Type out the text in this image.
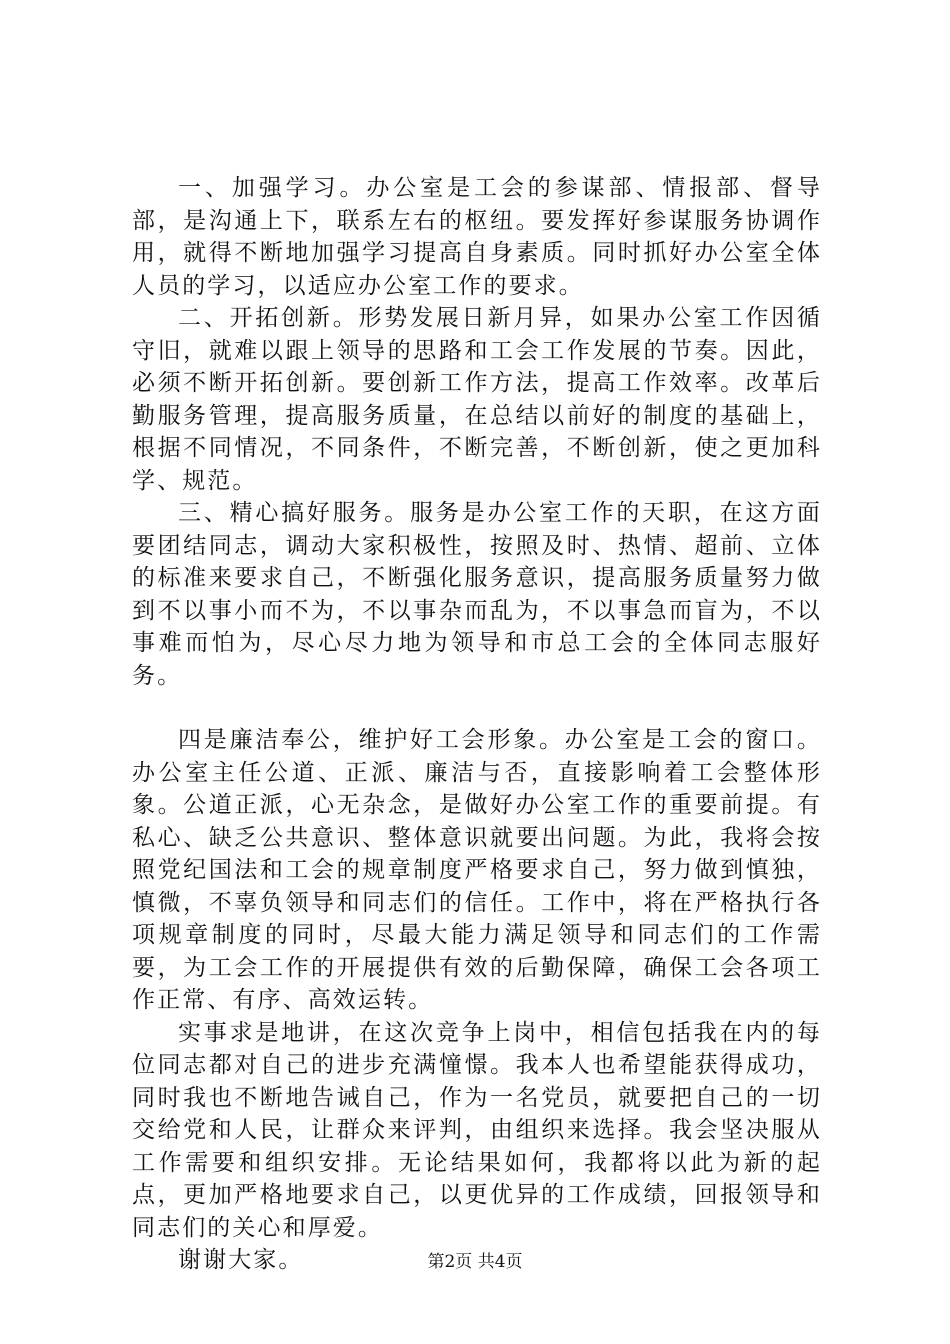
一、加强学习。办公室是工会的参谋部、情报部、督导部，是沟通上下，联系左右的枢纽。要发挥好参谋服务协调作用，就得不断地加强学习提高自身素质。同时抓好办公室全体人员的学习，以适应办公室工作的要求。

二、开拓创新。形势发展日新月异，如果办公室工作因循守旧，就难以跟上领导的思路和工会工作发展的节奏。因此，必须不断开拓创新。要创新工作方法，提高工作效率。改革后勤服务管理，提高服务质量，在总结以前好的制度的基础上，根据不同情况，不同条件，不断完善，不断创新，使之更加科学、规范。

三、精心搞好服务。服务是办公室工作的天职，在这方面要团结同志，调动大家积极性，按照及时、热情、超前、立体的标准来要求自己，不断强化服务意识，提高服务质量努力做到不以事小而不为，不以事杂而乱为，不以事急而盲为，不以事难而怕为，尽心尽力地为领导和市总工会的全体同志服好务。

四是廉洁奉公，维护好工会形象。办公室是工会的窗口。办公室主任公道、正派、廉洁与否，直接影响着工会整体形象。公道正派，心无杂念，是做好办公室工作的重要前提。有私心、缺乏公共意识、整体意识就要出问题。为此，我将会按照党纪国法和工会的规章制度严格要求自己，努力做到慎独，慎微，不辜负领导和同志们的信任。工作中，将在严格执行各项规章制度的同时，尽最大能力满足领导和同志们的工作需要，为工会工作的开展提供有效的后勤保障，确保工会各项工作正常、有序、高效运转。

实事求是地讲，在这次竞争上岗中，相信包括我在内的每位同志都对自己的进步充满憧憬。我本人也希望能获得成功，同时我也不断地告诫自己，作为一名党员，就要把自己的一切交给党和人民，让群众来评判，由组织来选择。我会坚决服从工作需要和组织安排。无论结果如何，我都将以此为新的起点，更加严格地要求自己，以更优异的工作成绩，回报领导和同志们的关心和厚爱。

谢谢大家。	第2页 共4页
